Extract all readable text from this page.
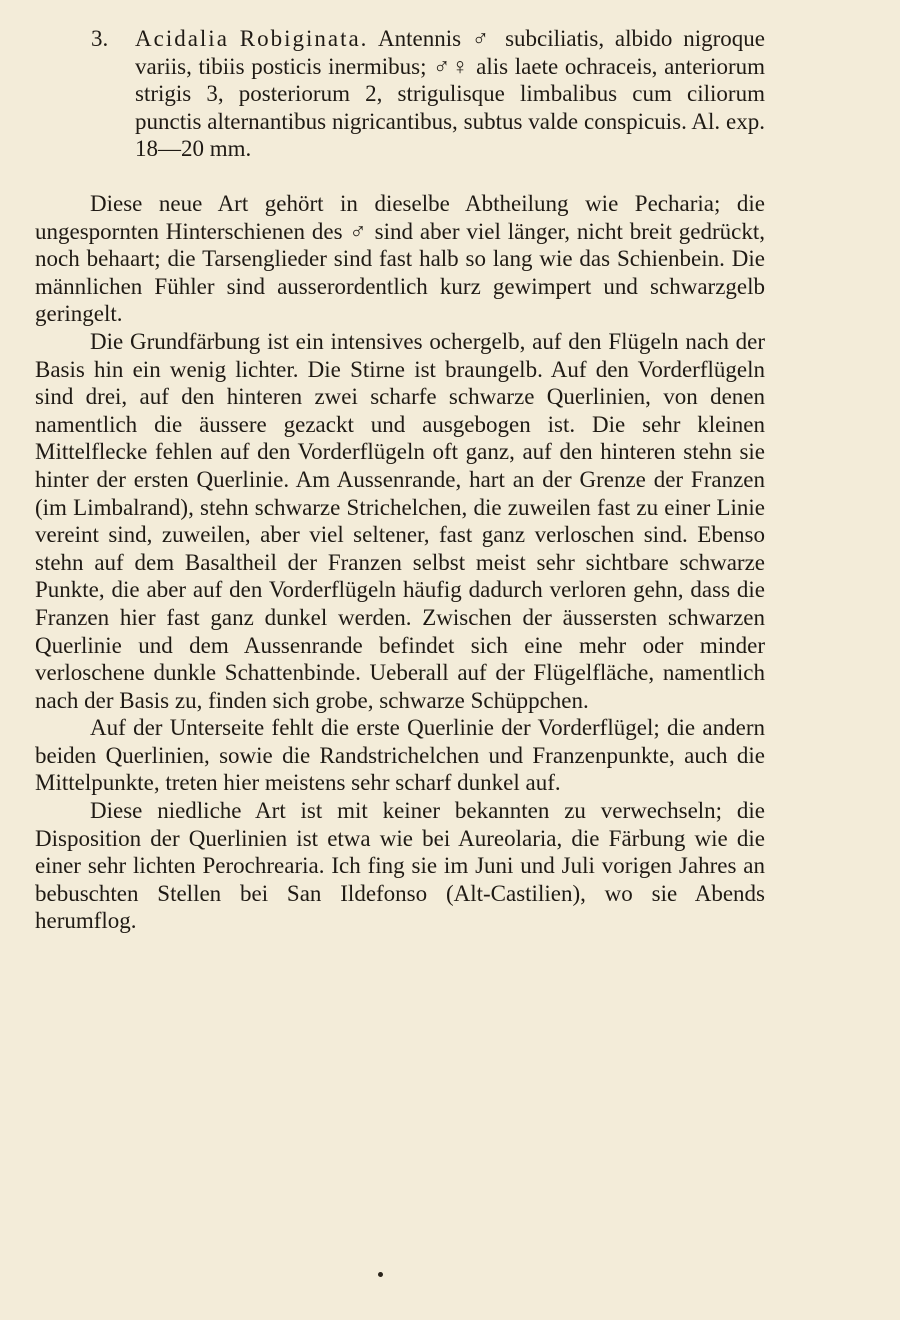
3. Acidalia Robiginata. Antennis ♂ subciliatis, albido nigroque variis, tibiis posticis inermibus; ♂♀ alis laete ochraceis, anteriorum strigis 3, posteriorum 2, strigulisque limbalibus cum ciliorum punctis alternantibus nigricantibus, subtus valde conspicuis. Al. exp. 18—20 mm.

Diese neue Art gehört in dieselbe Abtheilung wie Pecharia; die ungespornten Hinterschienen des ♂ sind aber viel länger, nicht breit gedrückt, noch behaart; die Tarsenglieder sind fast halb so lang wie das Schienbein. Die männlichen Fühler sind ausserordentlich kurz gewimpert und schwarzgelb geringelt.

Die Grundfärbung ist ein intensives ochergelb, auf den Flügeln nach der Basis hin ein wenig lichter. Die Stirne ist braungelb. Auf den Vorderflügeln sind drei, auf den hinteren zwei scharfe schwarze Querlinien, von denen namentlich die äussere gezackt und ausgebogen ist. Die sehr kleinen Mittelflecke fehlen auf den Vorderflügeln oft ganz, auf den hinteren stehn sie hinter der ersten Querlinie. Am Aussenrande, hart an der Grenze der Franzen (im Limbalrand), stehn schwarze Strichelchen, die zuweilen fast zu einer Linie vereint sind, zuweilen, aber viel seltener, fast ganz verloschen sind. Ebenso stehn auf dem Basaltheil der Franzen selbst meist sehr sichtbare schwarze Punkte, die aber auf den Vorderflügeln häufig dadurch verloren gehn, dass die Franzen hier fast ganz dunkel werden. Zwischen der äussersten schwarzen Querlinie und dem Aussenrande befindet sich eine mehr oder minder verloschene dunkle Schattenbinde. Ueberall auf der Flügelfläche, namentlich nach der Basis zu, finden sich grobe, schwarze Schüppchen.

Auf der Unterseite fehlt die erste Querlinie der Vorderflügel; die andern beiden Querlinien, sowie die Randstrichelchen und Franzenpunkte, auch die Mittelpunkte, treten hier meistens sehr scharf dunkel auf.

Diese niedliche Art ist mit keiner bekannten zu verwechseln; die Disposition der Querlinien ist etwa wie bei Aureolaria, die Färbung wie die einer sehr lichten Perochrearia. Ich fing sie im Juni und Juli vorigen Jahres an bebuschten Stellen bei San Ildefonso (Alt-Castilien), wo sie Abends herumflog.
